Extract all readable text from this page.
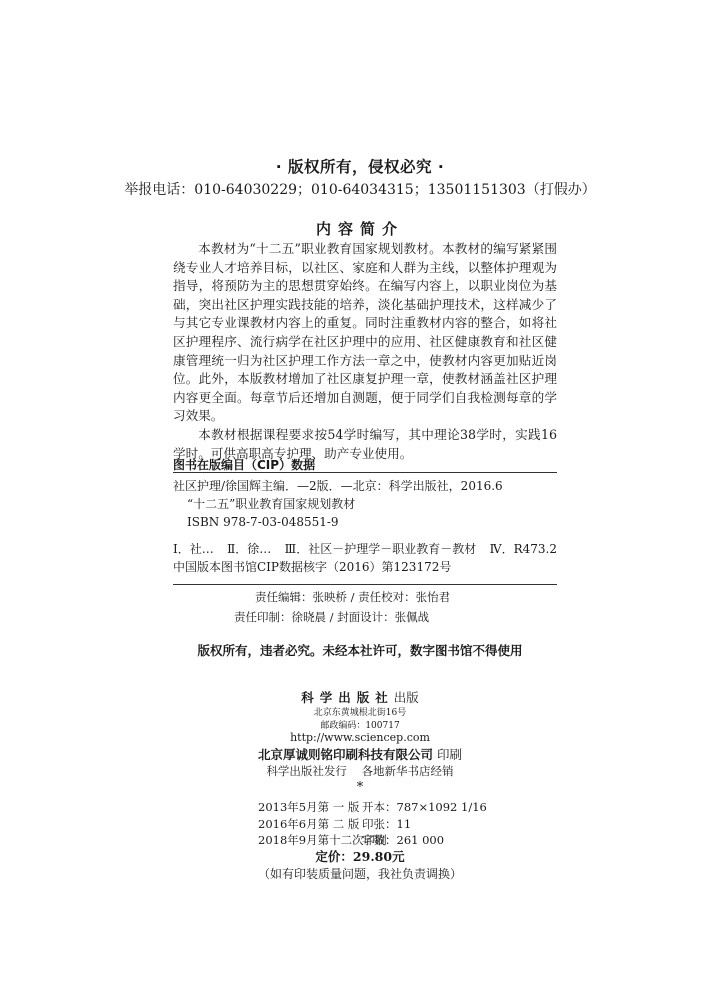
· 版权所有，侵权必究 ·
举报电话：010-64030229；010-64034315；13501151303（打假办）
内容简介

本教材为“十二五”职业教育国家规划教材。本教材的编写紧紧围绕专业人才培养目标，以社区、家庭和人群为主线，以整体护理观为指导，将预防为主的思想贯穿始终。在编写内容上，以职业岗位为基础，突出社区护理实践技能的培养，淡化基础护理技术，这样减少了与其它专业课教材内容上的重复。同时注重教材内容的整合，如将社区护理程序、流行病学在社区护理中的应用、社区健康教育和社区健康管理统一归为社区护理工作方法一章之中，使教材内容更加贴近岗位。此外，本版教材增加了社区康复护理一章，使教材涵盖社区护理内容更全面。每章节后还增加自测题，便于同学们自我检测每章的学习效果。

本教材根据课程要求按54学时编写，其中理论38学时，实践16学时。可供高职高专护理、助产专业使用。

图书在版编目（CIP）数据
社区护理/徐国辉主编．—2版．—北京：科学出版社，2016.6
“十二五”职业教育国家规划教材
ISBN 978-7-03-048551-9
Ⅰ．社… Ⅱ．徐… Ⅲ．社区－护理学－职业教育－教材 Ⅳ．R473.2
中国版本图书馆CIP数据核字（2016）第123172号
责任编辑：张映桥 / 责任校对：张怡君
责任印制：徐晓晨 / 封面设计：张佩战
版权所有，违者必究。未经本社许可，数字图书馆不得使用
科学出版社出版
北京东黄城根北街16号
邮政编码：100717
http://www.sciencep.com
北京厚诚则铭印刷科技有限公司 印刷
科学出版社发行 各地新华书店经销
*
2013年5月第 一 版 开本：787×1092 1/16
2016年6月第 二 版 印张：11
2018年9月第十二次印刷字数：261 000
定价：29.80元
（如有印装质量问题，我社负责调换）
